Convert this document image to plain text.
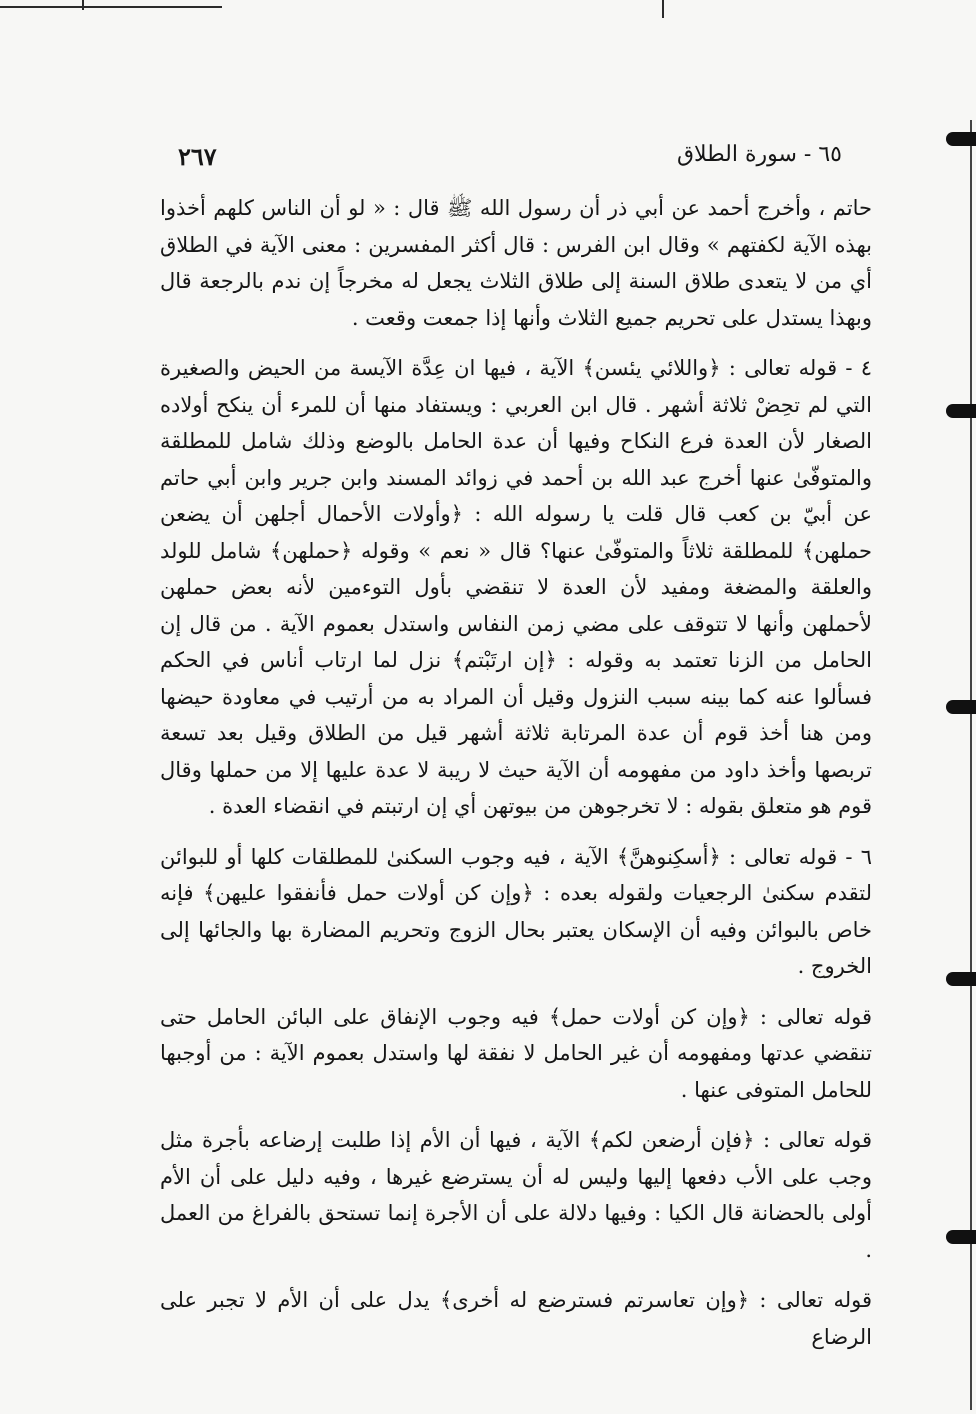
٢٦٧	٦٥ - سورة الطلاق

حاتم ، وأخرج أحمد عن أبي ذر أن رسول الله ﷺ قال : « لو أن الناس كلهم أخذوا بهذه الآية لكفتهم » وقال ابن الفرس : قال أكثر المفسرين : معنى الآية في الطلاق أي من لا يتعدى طلاق السنة إلى طلاق الثلاث يجعل له مخرجاً إن ندم بالرجعة قال وبهذا يستدل على تحريم جميع الثلاث وأنها إذا جمعت وقعت .

٤ - قوله تعالى : ﴿واللائي يئسن﴾ الآية ، فيها ان عِدَّة الآيسة من الحيض والصغيرة التي لم تحِضْ ثلاثة أشهر . قال ابن العربي : ويستفاد منها أن للمرء أن ينكح أولاده الصغار لأن العدة فرع النكاح وفيها أن عدة الحامل بالوضع وذلك شامل للمطلقة والمتوفّىٰ عنها أخرج عبد الله بن أحمد في زوائد المسند وابن جرير وابن أبي حاتم عن أبيّ بن كعب قال قلت يا رسوله الله : ﴿وأولات الأحمال أجلهن أن يضعن حملهن﴾ للمطلقة ثلاثاً والمتوفّىٰ عنها؟ قال « نعم » وقوله ﴿حملهن﴾ شامل للولد والعلقة والمضغة ومفيد لأن العدة لا تنقضي بأول التوءمين لأنه بعض حملهن لأحملهن وأنها لا تتوقف على مضي زمن النفاس واستدل بعموم الآية . من قال إن الحامل من الزنا تعتمد به وقوله : ﴿إن ارتَبْتم﴾ نزل لما ارتاب أناس في الحكم فسألوا عنه كما بينه سبب النزول وقيل أن المراد به من أرتيب في معاودة حيضها ومن هنا أخذ قوم أن عدة المرتابة ثلاثة أشهر قيل من الطلاق وقيل بعد تسعة تربصها وأخذ داود من مفهومه أن الآية حيث لا ريبة لا عدة عليها إلا من حملها وقال قوم هو متعلق بقوله : لا تخرجوهن من بيوتهن أي إن ارتبتم في انقضاء العدة .

٦ - قوله تعالى : ﴿أسكِنوهنَّ﴾ الآية ، فيه وجوب السكنىٰ للمطلقات كلها أو للبوائن لتقدم سكنىٰ الرجعيات ولقوله بعده : ﴿وإن كن أولات حمل فأنفقوا عليهن﴾ فإنه خاص بالبوائن وفيه أن الإسكان يعتبر بحال الزوج وتحريم المضارة بها والجائها إلى الخروج .

قوله تعالى : ﴿وإن كن أولات حمل﴾ فيه وجوب الإنفاق على البائن الحامل حتى تنقضي عدتها ومفهومه أن غير الحامل لا نفقة لها واستدل بعموم الآية : من أوجبها للحامل المتوفى عنها .

قوله تعالى : ﴿فإن أرضعن لكم﴾ الآية ، فيها أن الأم إذا طلبت إرضاعه بأجرة مثل وجب على الأب دفعها إليها وليس له أن يسترضع غيرها ، وفيه دليل على أن الأم أولى بالحضانة قال الكيا : وفيها دلالة على أن الأجرة إنما تستحق بالفراغ من العمل .

قوله تعالى : ﴿وإن تعاسرتم فسترضع له أخرى﴾ يدل على أن الأم لا تجبر على الرضاع
